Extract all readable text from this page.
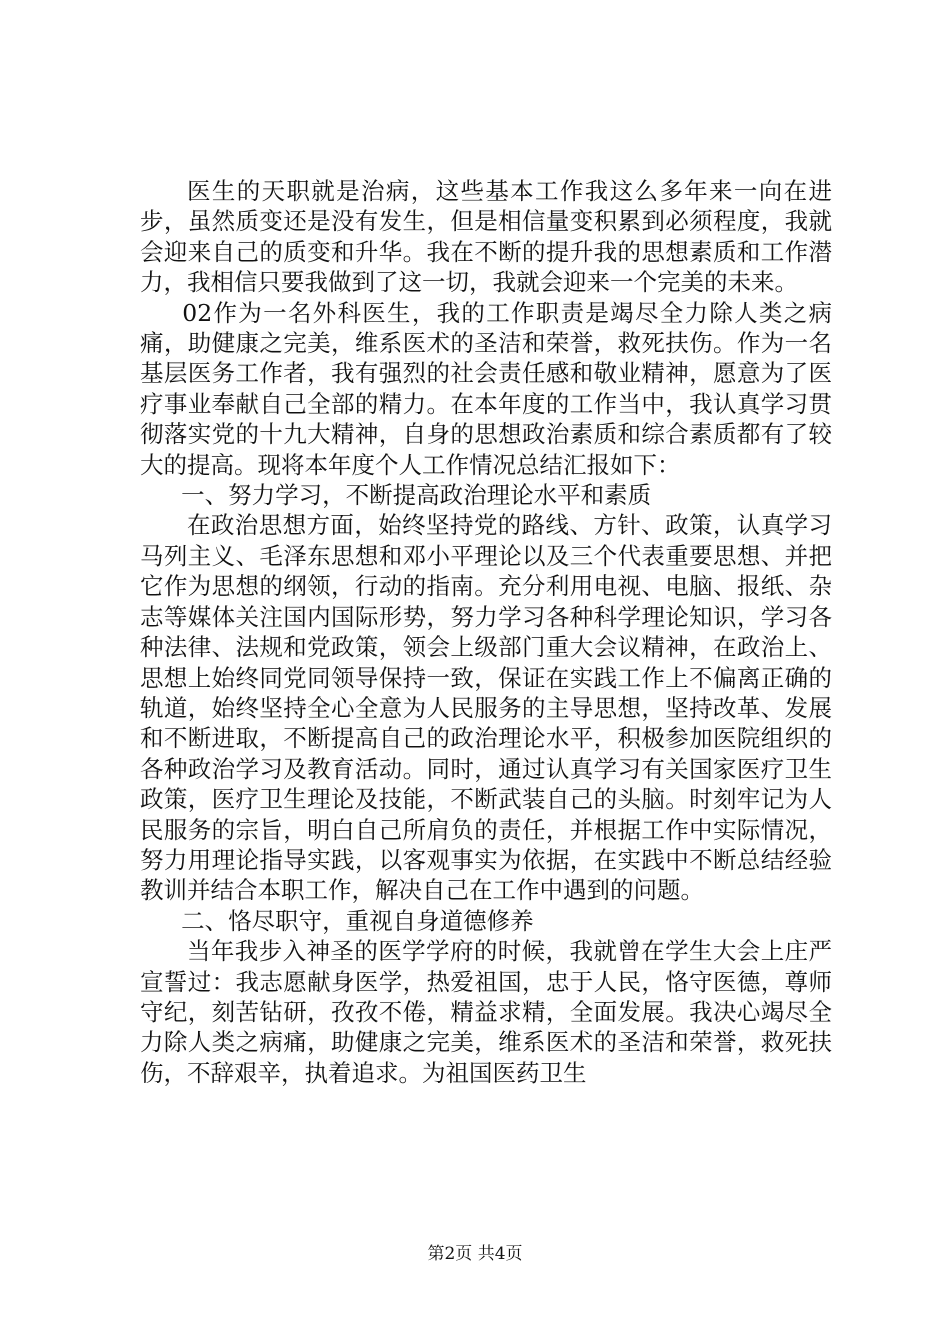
医生的天职就是治病，这些基本工作我这么多年来一向在进步，虽然质变还是没有发生，但是相信量变积累到必须程度，我就会迎来自己的质变和升华。我在不断的提升我的思想素质和工作潜力，我相信只要我做到了这一切，我就会迎来一个完美的未来。

02作为一名外科医生，我的工作职责是竭尽全力除人类之病痛，助健康之完美，维系医术的圣洁和荣誉，救死扶伤。作为一名基层医务工作者，我有强烈的社会责任感和敬业精神，愿意为了医疗事业奉献自己全部的精力。在本年度的工作当中，我认真学习贯彻落实党的十九大精神，自身的思想政治素质和综合素质都有了较大的提高。现将本年度个人工作情况总结汇报如下：

一、努力学习，不断提高政治理论水平和素质

在政治思想方面，始终坚持党的路线、方针、政策，认真学习马列主义、毛泽东思想和邓小平理论以及三个代表重要思想、并把它作为思想的纲领，行动的指南。充分利用电视、电脑、报纸、杂志等媒体关注国内国际形势，努力学习各种科学理论知识，学习各种法律、法规和党政策，领会上级部门重大会议精神，在政治上、思想上始终同党同领导保持一致，保证在实践工作上不偏离正确的轨道，始终坚持全心全意为人民服务的主导思想，坚持改革、发展和不断进取，不断提高自己的政治理论水平，积极参加医院组织的各种政治学习及教育活动。同时，通过认真学习有关国家医疗卫生政策，医疗卫生理论及技能，不断武装自己的头脑。时刻牢记为人民服务的宗旨，明白自己所肩负的责任，并根据工作中实际情况，努力用理论指导实践，以客观事实为依据，在实践中不断总结经验教训并结合本职工作，解决自己在工作中遇到的问题。

二、恪尽职守，重视自身道德修养

当年我步入神圣的医学学府的时候，我就曾在学生大会上庄严宣誓过：我志愿献身医学，热爱祖国，忠于人民，恪守医德，尊师守纪，刻苦钻研，孜孜不倦，精益求精，全面发展。我决心竭尽全力除人类之病痛，助健康之完美，维系医术的圣洁和荣誉，救死扶伤，不辞艰辛，执着追求。为祖国医药卫生

第2页 共4页
